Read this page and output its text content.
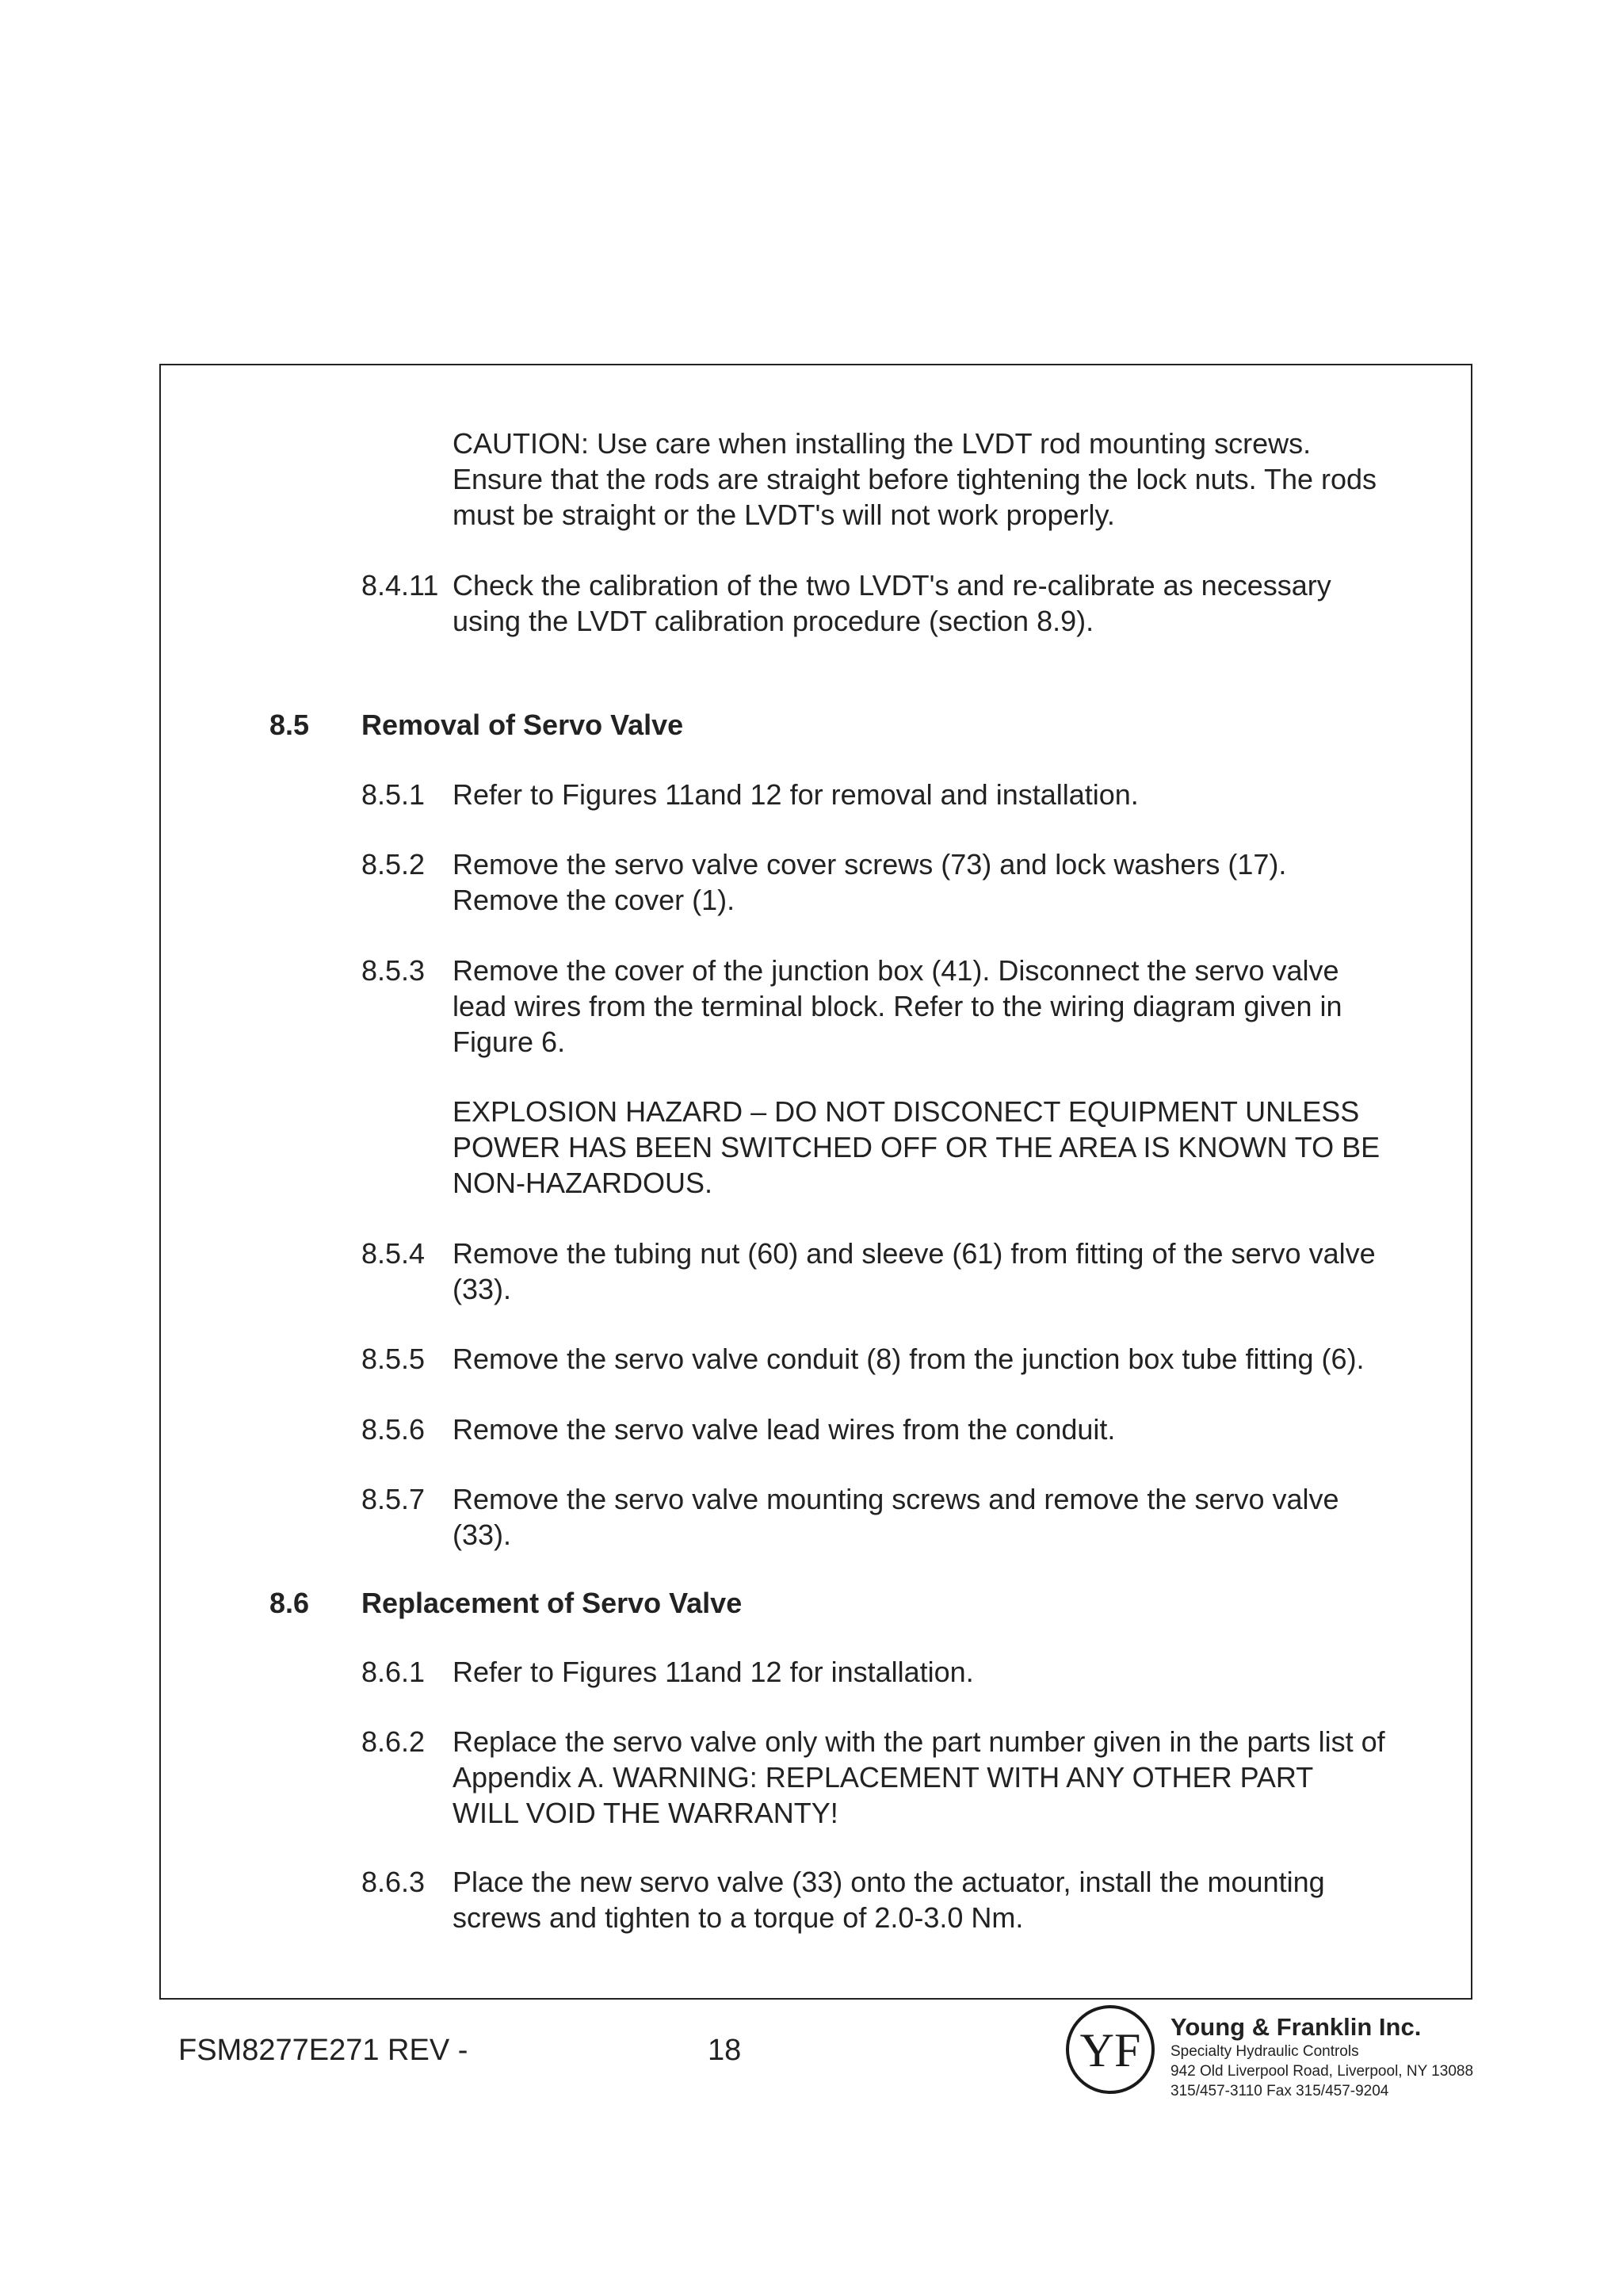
CAUTION: Use care when installing the LVDT rod mounting screws.
Ensure that the rods are straight before tightening the lock nuts. The rods
must be straight or the LVDT's will not work properly.
8.4.11 Check the calibration of the two LVDT's and re-calibrate as necessary
using the LVDT calibration procedure (section 8.9).
8.5 Removal of Servo Valve
8.5.1 Refer to Figures 11and 12 for removal and installation.
8.5.2 Remove the servo valve cover screws (73) and lock washers (17).
Remove the cover (1).
8.5.3 Remove the cover of the junction box (41). Disconnect the servo valve
lead wires from the terminal block. Refer to the wiring diagram given in
Figure 6.
EXPLOSION HAZARD – DO NOT DISCONECT EQUIPMENT UNLESS
POWER HAS BEEN SWITCHED OFF OR THE AREA IS KNOWN TO BE
NON-HAZARDOUS.
8.5.4 Remove the tubing nut (60) and sleeve (61) from fitting of the servo valve
(33).
8.5.5 Remove the servo valve conduit (8) from the junction box tube fitting (6).
8.5.6 Remove the servo valve lead wires from the conduit.
8.5.7 Remove the servo valve mounting screws and remove the servo valve
(33).
8.6 Replacement of Servo Valve
8.6.1 Refer to Figures 11and 12 for installation.
8.6.2 Replace the servo valve only with the part number given in the parts list of
Appendix A. WARNING: REPLACEMENT WITH ANY OTHER PART
WILL VOID THE WARRANTY!
8.6.3 Place the new servo valve (33) onto the actuator, install the mounting
screws and tighten to a torque of 2.0-3.0 Nm.
FSM8277E271 REV -	18	YF Young & Franklin Inc.
Specialty Hydraulic Controls
942 Old Liverpool Road, Liverpool, NY 13088
315/457-3110 Fax 315/457-9204
